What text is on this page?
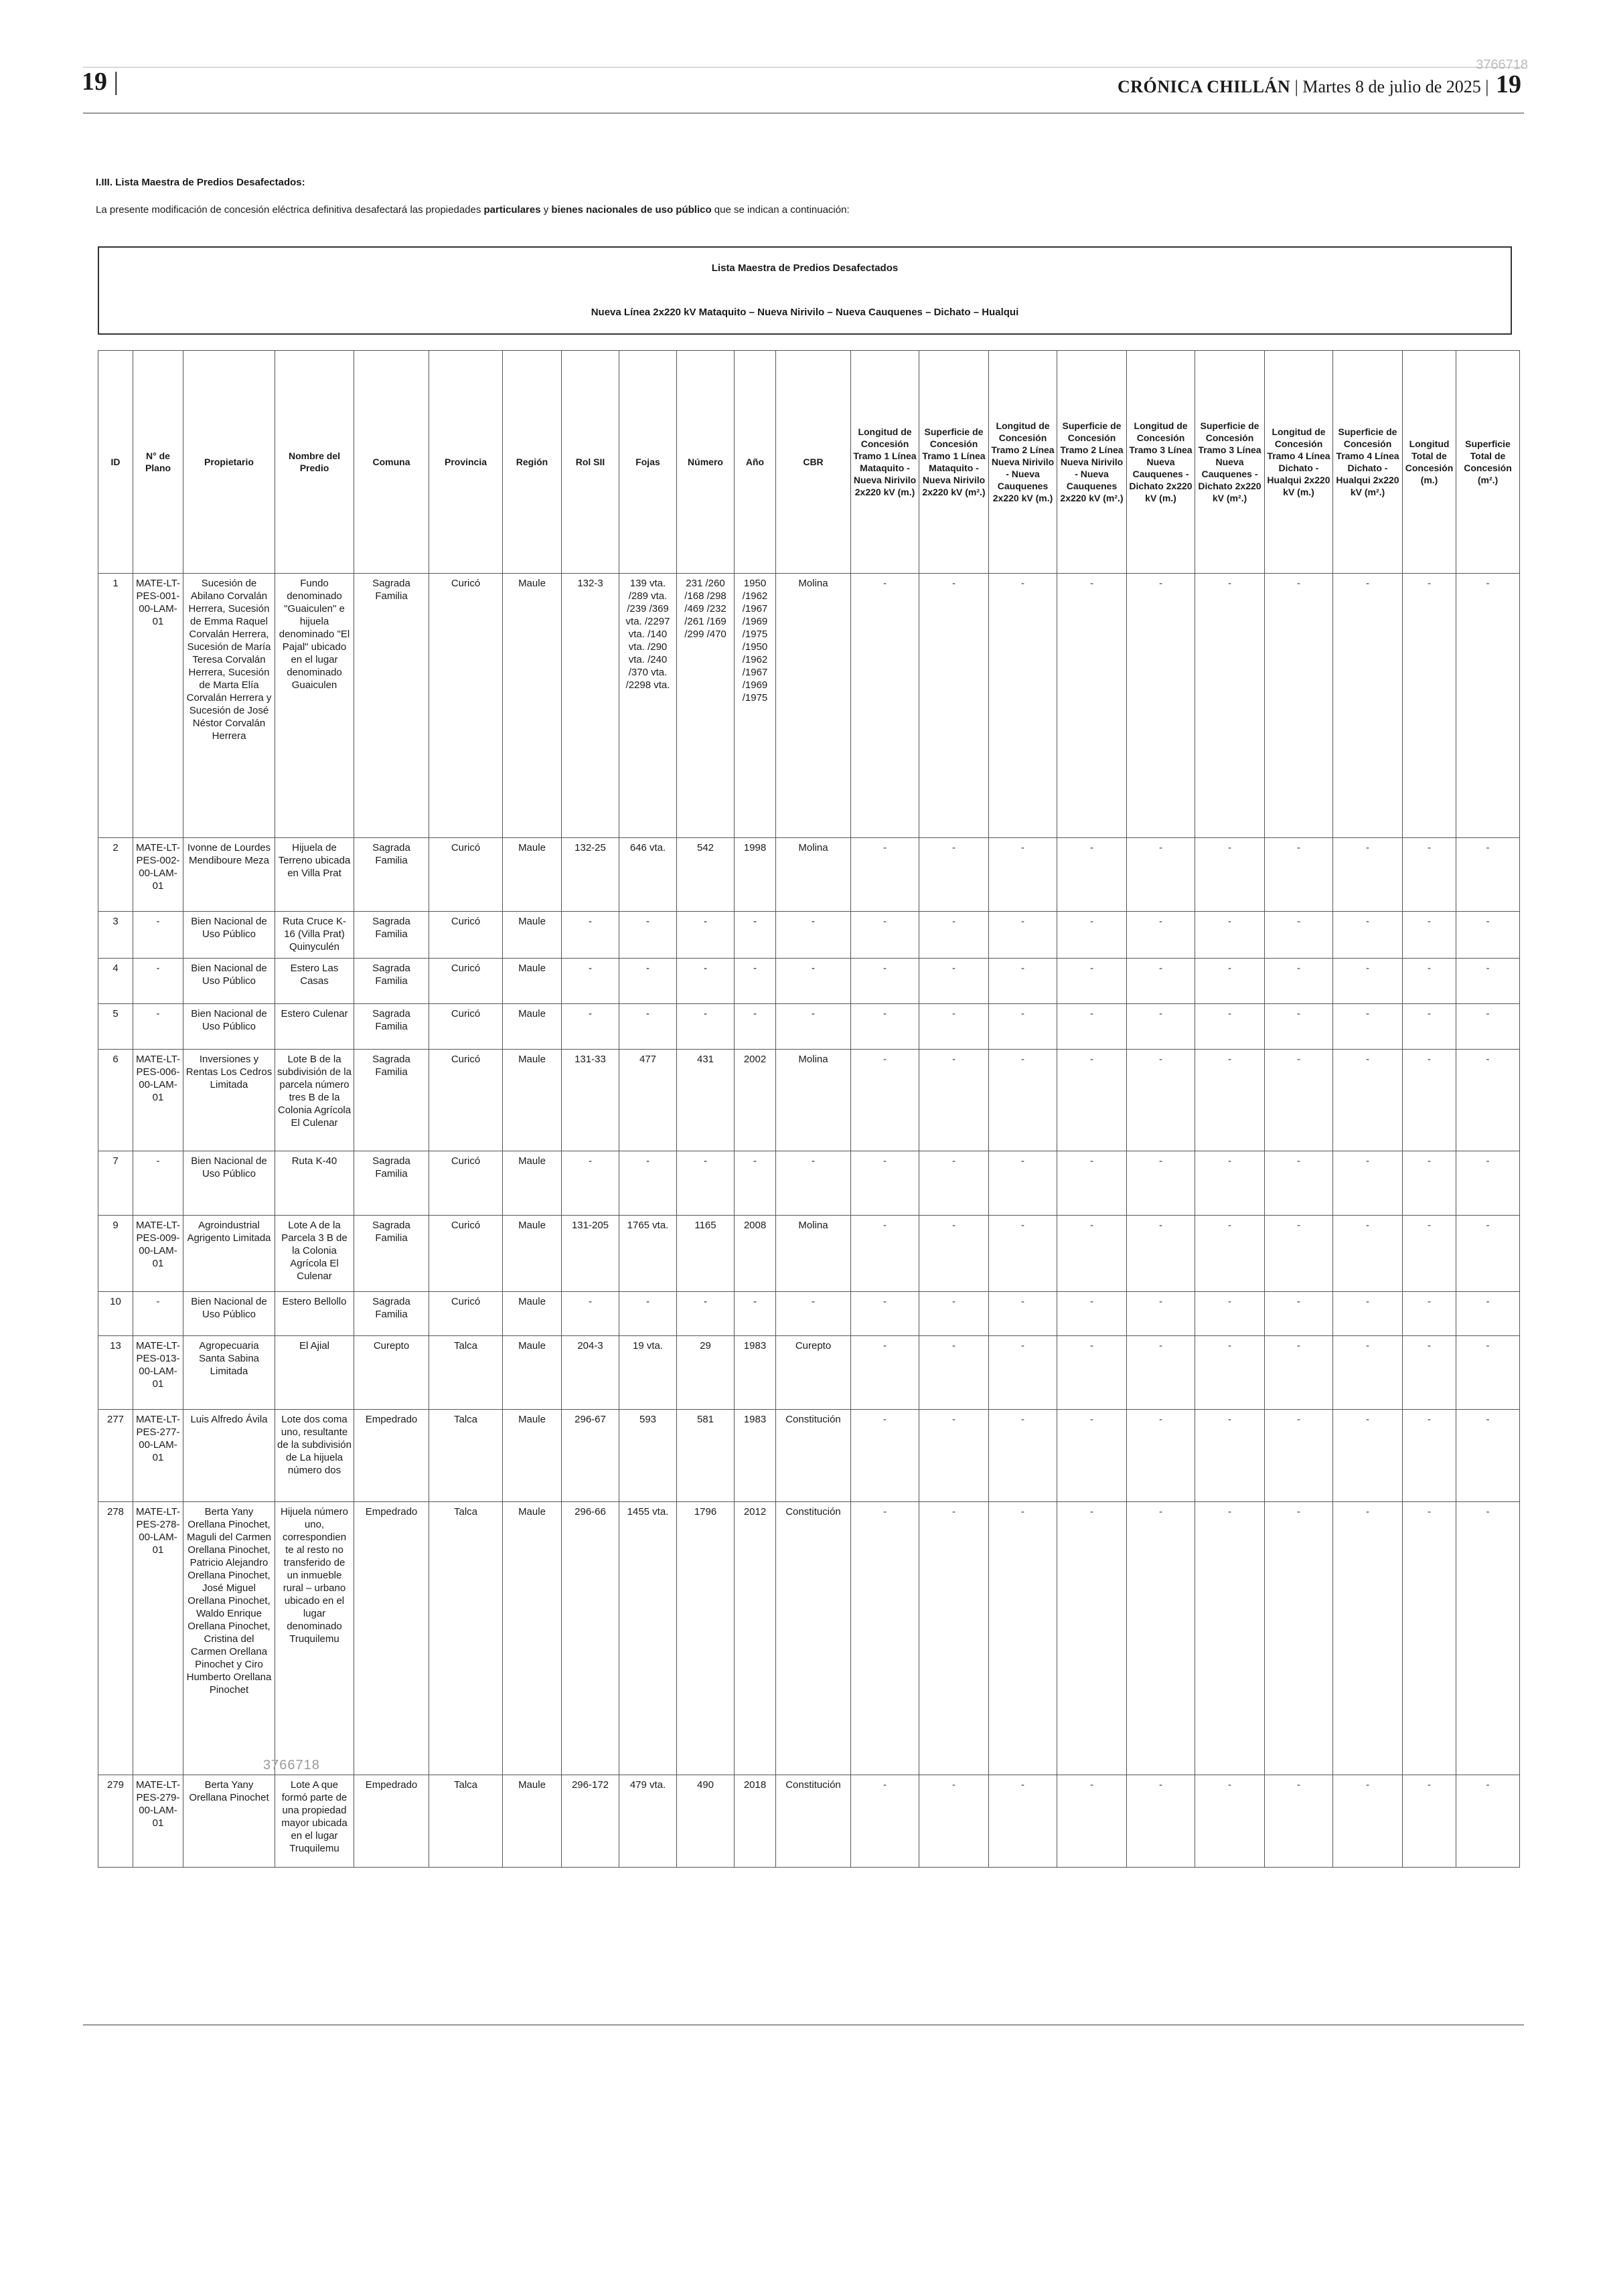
19 |
3766718
CRÓNICA CHILLÁN | Martes 8 de julio de 2025 | 19
I.III. Lista Maestra de Predios Desafectados:
La presente modificación de concesión eléctrica definitiva desafectará las propiedades particulares y bienes nacionales de uso público que se indican a continuación:
Lista Maestra de Predios Desafectados
Nueva Línea 2x220 kV Mataquito – Nueva Nirivilo – Nueva Cauquenes – Dichato – Hualqui
ID	N° de Plano	Propietario	Nombre del Predio	Comuna	Provincia	Región	Rol SII	Fojas	Número	Año	CBR	Longitud de Concesión Tramo 1 Línea Mataquito - Nueva Nirivilo 2x220 kV (m.)	Superficie de Concesión Tramo 1 Línea Mataquito - Nueva Nirivilo 2x220 kV (m².)	Longitud de Concesión Tramo 2 Línea Nueva Nirivilo - Nueva Cauquenes 2x220 kV (m.)	Superficie de Concesión Tramo 2 Línea Nueva Nirivilo - Nueva Cauquenes 2x220 kV (m².)	Longitud de Concesión Tramo 3 Línea Nueva Cauquenes - Dichato 2x220 kV (m.)	Superficie de Concesión Tramo 3 Línea Nueva Cauquenes - Dichato 2x220 kV (m².)	Longitud de Concesión Tramo 4 Línea Dichato - Hualqui 2x220 kV (m.)	Superficie de Concesión Tramo 4 Línea Dichato - Hualqui 2x220 kV (m².)	Longitud Total de Concesión (m.)	Superficie Total de Concesión (m².)
1	MATE-LT-PES-001-00-LAM-01	Sucesión de Abilano Corvalán Herrera, Sucesión de Emma Raquel Corvalán Herrera, Sucesión de María Teresa Corvalán Herrera, Sucesión de Marta Elía Corvalán Herrera y Sucesión de José Néstor Corvalán Herrera	Fundo denominado "Guaiculen" e hijuela denominado "El Pajal" ubicado en el lugar denominado Guaiculen	Sagrada Familia	Curicó	Maule	132-3	139 vta. /289 vta. /239 /369 vta. /2297 vta. /140 vta. /290 vta. /240 /370 vta. /2298 vta.	231 /260 /168 /298 /469 /232 /261 /169 /299 /470	1950 /1962 /1967 /1969 /1975 /1950 /1962 /1967 /1969 /1975	Molina	-	-	-	-	-	-	-	-	-	-
2	MATE-LT-PES-002-00-LAM-01	Ivonne de Lourdes Mendiboure Meza	Hijuela de Terreno ubicada en Villa Prat	Sagrada Familia	Curicó	Maule	132-25	646 vta.	542	1998	Molina	-	-	-	-	-	-	-	-	-	-
3	-	Bien Nacional de Uso Público	Ruta Cruce K-16 (Villa Prat) Quinyculén	Sagrada Familia	Curicó	Maule	-	-	-	-	-	-	-	-	-	-	-	-	-	-	-
4	-	Bien Nacional de Uso Público	Estero Las Casas	Sagrada Familia	Curicó	Maule	-	-	-	-	-	-	-	-	-	-	-	-	-	-	-
5	-	Bien Nacional de Uso Público	Estero Culenar	Sagrada Familia	Curicó	Maule	-	-	-	-	-	-	-	-	-	-	-	-	-	-	-
6	MATE-LT-PES-006-00-LAM-01	Inversiones y Rentas Los Cedros Limitada	Lote B de la subdivisión de la parcela número tres B de la Colonia Agrícola El Culenar	Sagrada Familia	Curicó	Maule	131-33	477	431	2002	Molina	-	-	-	-	-	-	-	-	-	-
7	-	Bien Nacional de Uso Público	Ruta K-40	Sagrada Familia	Curicó	Maule	-	-	-	-	-	-	-	-	-	-	-	-	-	-	-
9	MATE-LT-PES-009-00-LAM-01	Agroindustrial Agrigento Limitada	Lote A de la Parcela 3 B de la Colonia Agrícola El Culenar	Sagrada Familia	Curicó	Maule	131-205	1765 vta.	1165	2008	Molina	-	-	-	-	-	-	-	-	-	-
10	-	Bien Nacional de Uso Público	Estero Bellollo	Sagrada Familia	Curicó	Maule	-	-	-	-	-	-	-	-	-	-	-	-	-	-	-
13	MATE-LT-PES-013-00-LAM-01	Agropecuaria Santa Sabina Limitada	El Ajial	Curepto	Talca	Maule	204-3	19 vta.	29	1983	Curepto	-	-	-	-	-	-	-	-	-	-
277	MATE-LT-PES-277-00-LAM-01	Luis Alfredo Ávila	Lote dos coma uno, resultante de la subdivisión de La hijuela número dos	Empedrado	Talca	Maule	296-67	593	581	1983	Constitución	-	-	-	-	-	-	-	-	-	-
278	MATE-LT-PES-278-00-LAM-01	Berta Yany Orellana Pinochet, Maguli del Carmen Orellana Pinochet, Patricio Alejandro Orellana Pinochet, José Miguel Orellana Pinochet, Waldo Enrique Orellana Pinochet, Cristina del Carmen Orellana Pinochet y Ciro Humberto Orellana Pinochet	Hijuela número uno, correspondien te al resto no transferido de un inmueble rural – urbano ubicado en el lugar denominado Truquilemu	Empedrado	Talca	Maule	296-66	1455 vta.	1796	2012	Constitución	-	-	-	-	-	-	-	-	-	-
279	MATE-LT-PES-279-00-LAM-01	Berta Yany Orellana Pinochet	Lote A que formó parte de una propiedad mayor ubicada en el lugar Truquilemu	Empedrado	Talca	Maule	296-172	479 vta.	490	2018	Constitución	-	-	-	-	-	-	-	-	-	-
3766718
